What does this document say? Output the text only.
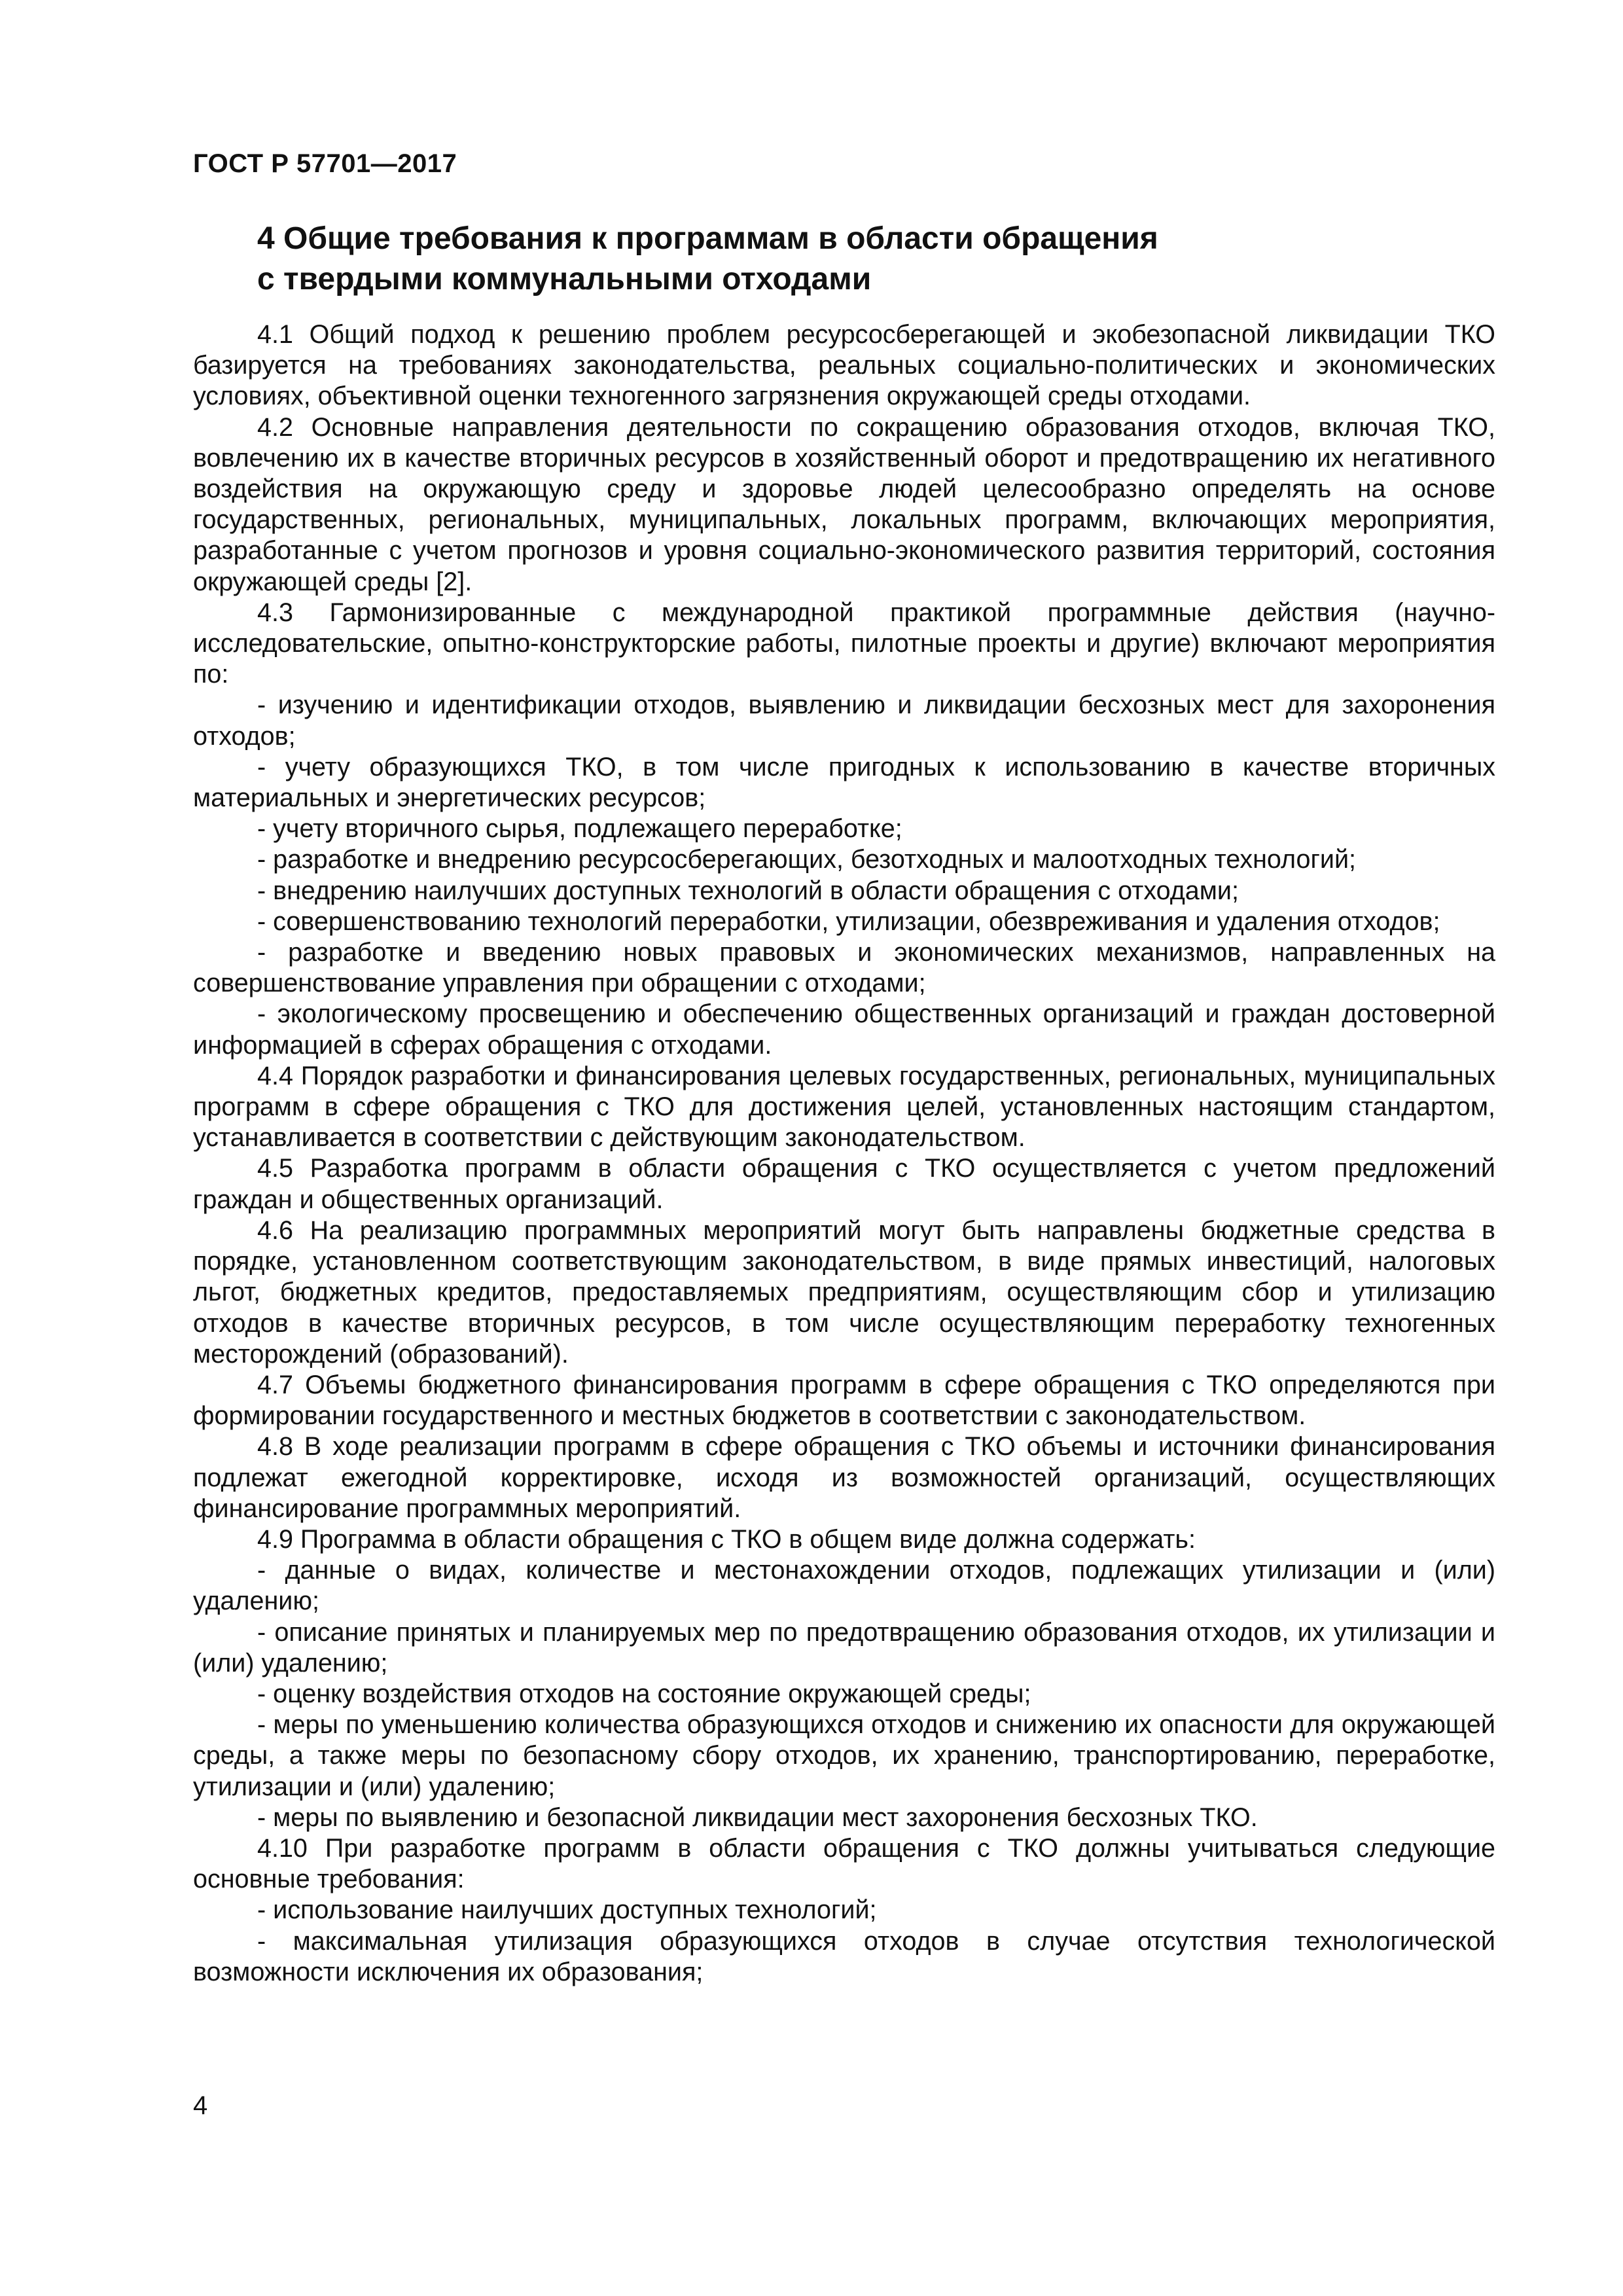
ГОСТ Р 57701—2017
4 Общие требования к программам в области обращения
с твердыми коммунальными отходами

4.1 Общий подход к решению проблем ресурсосберегающей и экобезопасной ликвидации ТКО базируется на требованиях законодательства, реальных социально-политических и экономических условиях, объективной оценки техногенного загрязнения окружающей среды отходами.

4.2 Основные направления деятельности по сокращению образования отходов, включая ТКО, вовлечению их в качестве вторичных ресурсов в хозяйственный оборот и предотвращению их негативного воздействия на окружающую среду и здоровье людей целесообразно определять на основе государственных, региональных, муниципальных, локальных программ, включающих мероприятия, разработанные с учетом прогнозов и уровня социально-экономического развития территорий, состояния окружающей среды [2].

4.3 Гармонизированные с международной практикой программные действия (научно-исследовательские, опытно-конструкторские работы, пилотные проекты и другие) включают мероприятия по:

- изучению и идентификации отходов, выявлению и ликвидации бесхозных мест для захоронения отходов;

- учету образующихся ТКО, в том числе пригодных к использованию в качестве вторичных материальных и энергетических ресурсов;

- учету вторичного сырья, подлежащего переработке;

- разработке и внедрению ресурсосберегающих, безотходных и малоотходных технологий;

- внедрению наилучших доступных технологий в области обращения с отходами;

- совершенствованию технологий переработки, утилизации, обезвреживания и удаления отходов;

- разработке и введению новых правовых и экономических механизмов, направленных на совершенствование управления при обращении с отходами;

- экологическому просвещению и обеспечению общественных организаций и граждан достоверной информацией в сферах обращения с отходами.

4.4 Порядок разработки и финансирования целевых государственных, региональных, муниципальных программ в сфере обращения с ТКО для достижения целей, установленных настоящим стандартом, устанавливается в соответствии с действующим законодательством.

4.5 Разработка программ в области обращения с ТКО осуществляется с учетом предложений граждан и общественных организаций.

4.6 На реализацию программных мероприятий могут быть направлены бюджетные средства в порядке, установленном соответствующим законодательством, в виде прямых инвестиций, налоговых льгот, бюджетных кредитов, предоставляемых предприятиям, осуществляющим сбор и утилизацию отходов в качестве вторичных ресурсов, в том числе осуществляющим переработку техногенных месторождений (образований).

4.7 Объемы бюджетного финансирования программ в сфере обращения с ТКО определяются при формировании государственного и местных бюджетов в соответствии с законодательством.

4.8 В ходе реализации программ в сфере обращения с ТКО объемы и источники финансирования подлежат ежегодной корректировке, исходя из возможностей организаций, осуществляющих финансирование программных мероприятий.

4.9 Программа в области обращения с ТКО в общем виде должна содержать:

- данные о видах, количестве и местонахождении отходов, подлежащих утилизации и (или) удалению;

- описание принятых и планируемых мер по предотвращению образования отходов, их утилизации и (или) удалению;

- оценку воздействия отходов на состояние окружающей среды;

- меры по уменьшению количества образующихся отходов и снижению их опасности для окружающей среды, а также меры по безопасному сбору отходов, их хранению, транспортированию, переработке, утилизации и (или) удалению;

- меры по выявлению и безопасной ликвидации мест захоронения бесхозных ТКО.

4.10 При разработке программ в области обращения с ТКО должны учитываться следующие основные требования:

- использование наилучших доступных технологий;

- максимальная утилизация образующихся отходов в случае отсутствия технологической возможности исключения их образования;

4
